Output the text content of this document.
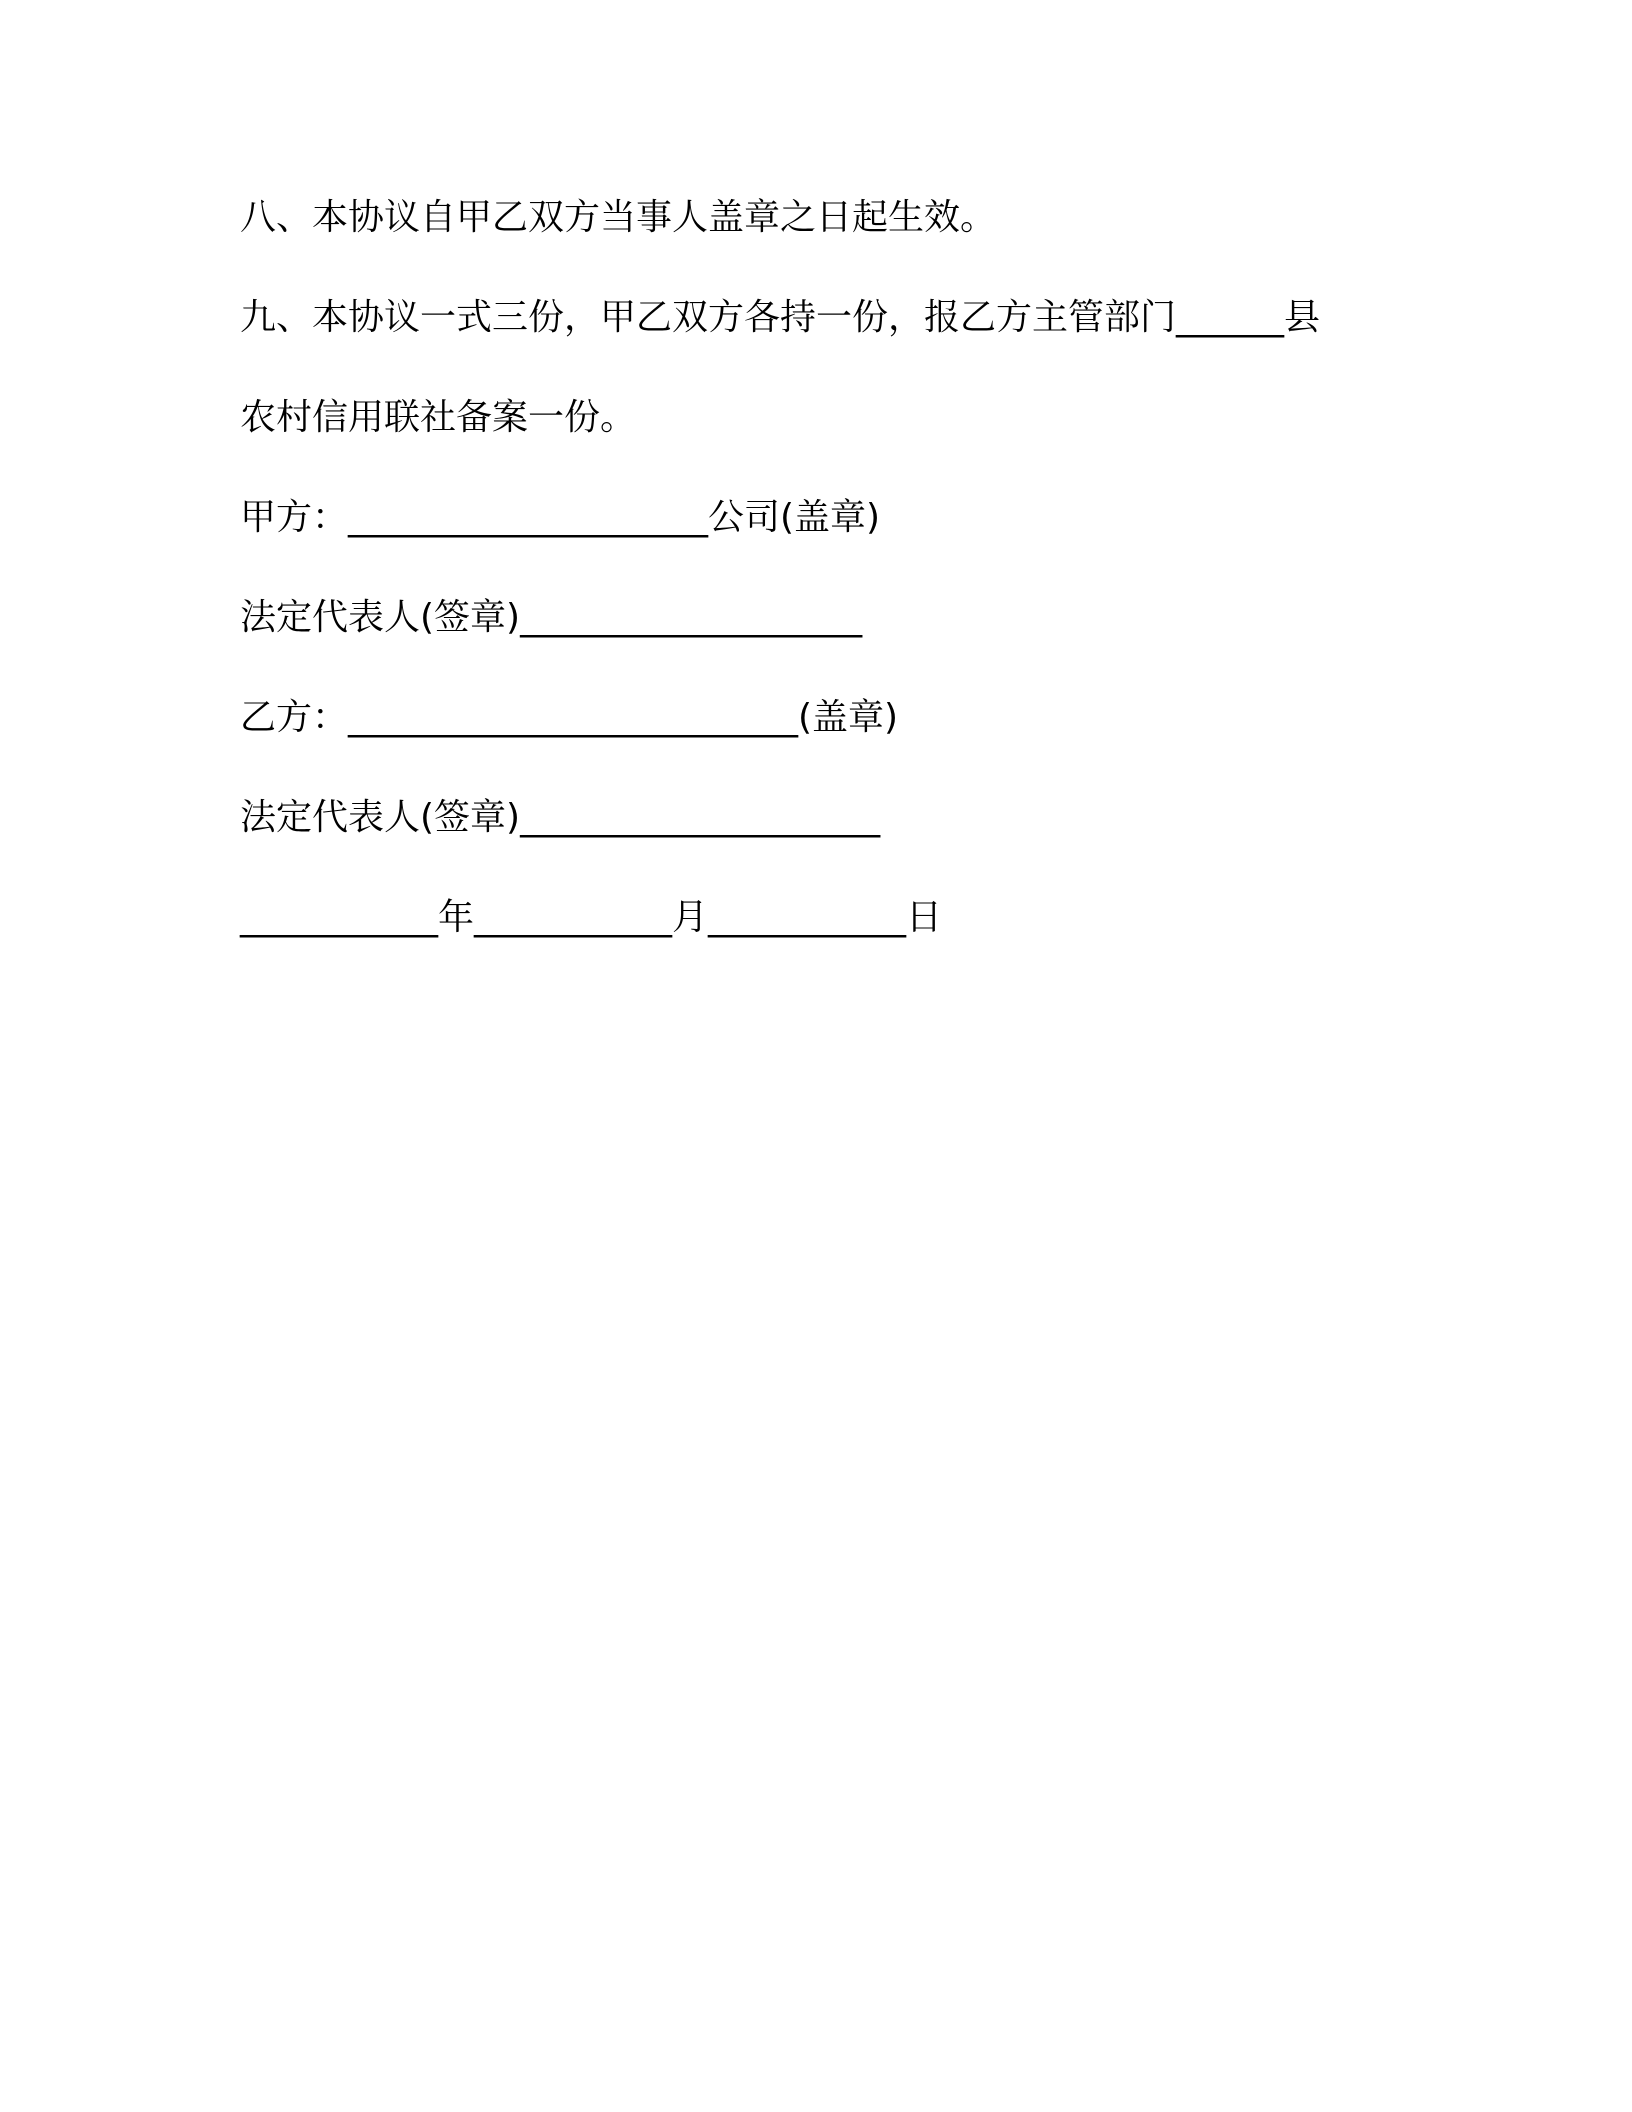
八、本协议自甲乙双方当事人盖章之日起生效。
九、本协议一式三份，甲乙双方各持一份，报乙方主管部门______县
农村信用联社备案一份。
甲方：____________________公司(盖章)
法定代表人(签章)___________________
乙方：_________________________(盖章)
法定代表人(签章)____________________
___________年___________月___________日
